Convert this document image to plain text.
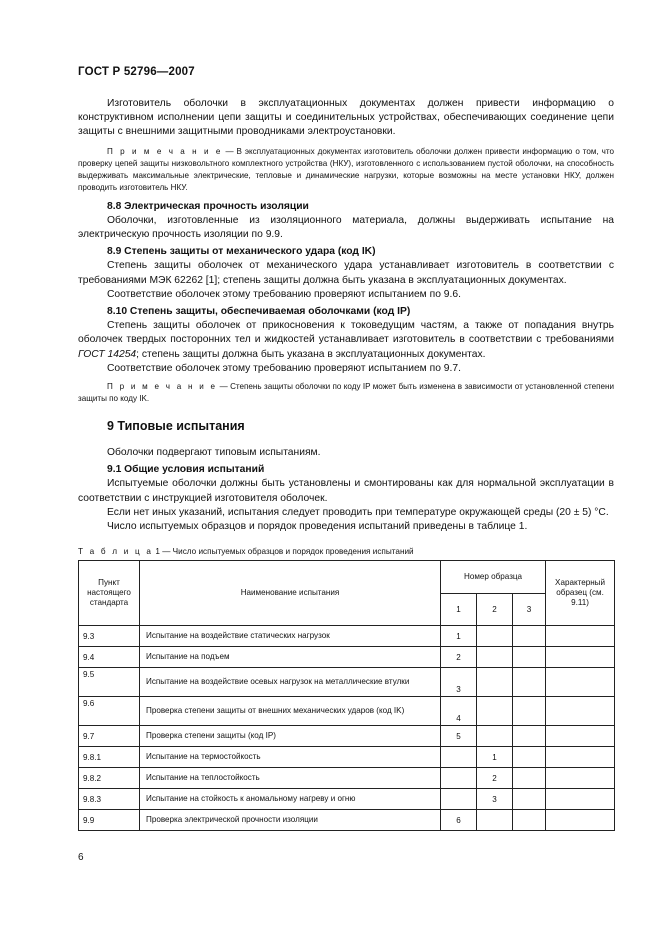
ГОСТ Р 52796—2007

Изготовитель оболочки в эксплуатационных документах должен привести информацию о конструктивном исполнении цепи защиты и соединительных устройствах, обеспечивающих соединение цепи защиты с внешними защитными проводниками электроустановки.

П р и м е ч а н и е — В эксплуатационных документах изготовитель оболочки должен привести информацию о том, что проверку цепей защиты низковольтного комплектного устройства (НКУ), изготовленного с использованием пустой оболочки, на способность выдерживать максимальные электрические, тепловые и динамические нагрузки, которые возможны на месте установки НКУ, должен проводить изготовитель НКУ.

8.8 Электрическая прочность изоляции

Оболочки, изготовленные из изоляционного материала, должны выдерживать испытание на электрическую прочность изоляции по 9.9.

8.9 Степень защиты от механического удара (код IK)

Степень защиты оболочек от механического удара устанавливает изготовитель в соответствии с требованиями МЭК 62262 [1]; степень защиты должна быть указана в эксплуатационных документах.

Соответствие оболочек этому требованию проверяют испытанием по 9.6.

8.10 Степень защиты, обеспечиваемая оболочками (код IP)

Степень защиты оболочек от прикосновения к токоведущим частям, а также от попадания внутрь оболочек твердых посторонних тел и жидкостей устанавливает изготовитель в соответствии с требованиями ГОСТ 14254; степень защиты должна быть указана в эксплуатационных документах.

Соответствие оболочек этому требованию проверяют испытанием по 9.7.

П р и м е ч а н и е — Степень защиты оболочки по коду IP может быть изменена в зависимости от установленной степени защиты по коду IK.

9 Типовые испытания

Оболочки подвергают типовым испытаниям.

9.1 Общие условия испытаний

Испытуемые оболочки должны быть установлены и смонтированы как для нормальной эксплуатации в соответствии с инструкцией изготовителя оболочек.

Если нет иных указаний, испытания следует проводить при температуре окружающей среды (20 ± 5) °С.

Число испытуемых образцов и порядок проведения испытаний приведены в таблице 1.

Т а б л и ц а 1 — Число испытуемых образцов и порядок проведения испытаний

Пункт настоящего стандарта	Наименование испытания	Номер образца			Характерный образец (см. 9.11)
		1	2	3	
9.3	Испытание на воздействие статических нагрузок	1			
9.4	Испытание на подъем	2			
9.5	Испытание на воздействие осевых нагрузок на металлические втулки	3			
9.6	Проверка степени защиты от внешних механических ударов (код IK)	4			
9.7	Проверка степени защиты (код IP)	5			
9.8.1	Испытание на термостойкость		1		
9.8.2	Испытание на теплостойкость		2		
9.8.3	Испытание на стойкость к аномальному нагреву и огню		3		
9.9	Проверка электрической прочности изоляции	6			
6
